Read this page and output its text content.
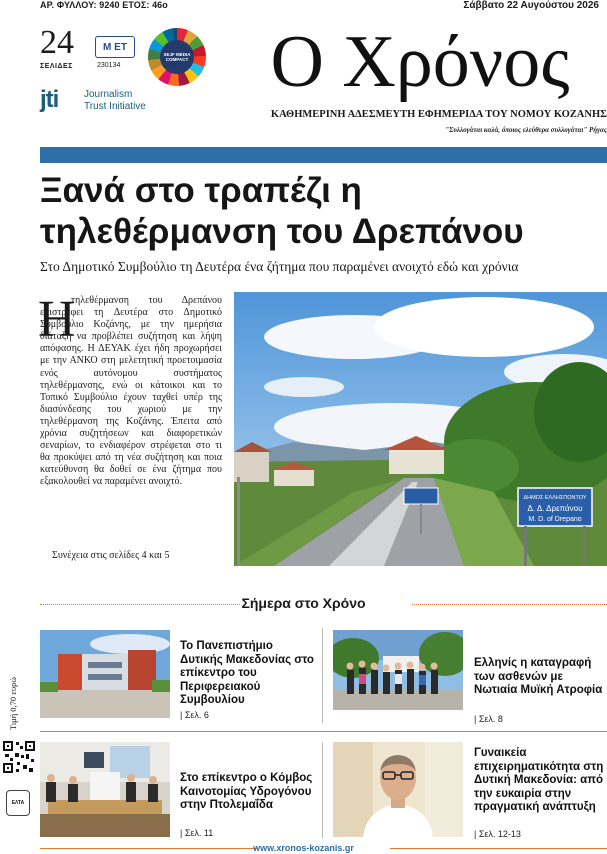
ΑΡ. ΦΥΛΛΟΥ: 9240 ΕΤΟΣ: 46ο	Σάββατο 22 Αυγούστου 2026
24
ΣΕΛΙΔΕΣ
Μ ET
230134
SEJF MEDIA COMPACT
jti	Journalism
Trust Initiative
Ο Χρόνος
ΚΑΘΗΜΕΡΙΝΗ ΑΔΕΣΜΕΥΤΗ ΕΦΗΜΕΡΙΔΑ ΤΟΥ ΝΟΜΟΥ ΚΟΖΑΝΗΣ
"Συλλογάται καλά, όποιος ελεύθερα συλλογάται" Ρήγας
Ξανά στο τραπέζι η τηλεθέρμανση του Δρεπάνου
Στο Δημοτικό Συμβούλιο τη Δευτέρα ένα ζήτημα που παραμένει ανοιχτό εδώ και χρόνια
Η
τηλεθέρμανση του Δρεπάνου επιστρέφει τη Δευτέρα στο Δημοτικό Συμβούλιο Κοζάνης, με την ημερήσια διάταξη να προβλέπει συζήτηση και λήψη απόφασης. Η ΔΕΥΑΚ έχει ήδη προχωρήσει με την ΑΝΚΟ στη μελετητική προετοιμασία ενός αυτόνομου συστήματος τηλεθέρμανσης, ενώ οι κάτοικοι και το Τοπικό Συμβούλιο έχουν ταχθεί υπέρ της διασύνδεσης του χωριού με την τηλεθέρμανση της Κοζάνης. Έπειτα από χρόνια συζητήσεων και διαφορετικών σεναρίων, το ενδιαφέρον στρέφεται στο τι θα προκύψει από τη νέα συζήτηση και ποια κατεύθυνση θα δοθεί σε ένα ζήτημα που εξακολουθεί να παραμένει ανοιχτό.
Συνέχεια στις σελίδες 4 και 5
ΔΗΜΟΣ ΕΛΛΗΣΠΟΝΤΟΥ
Δ. Δ. Δρεπάνου
M. D. of Drepano
Σήμερα στο Χρόνο
Τιμή 0,70 ευρώ
ΕΛΤΑ
Το Πανεπιστήμιο Δυτικής Μακεδονίας στο επίκεντρο του Περιφερειακού Συμβουλίου
| Σελ. 6
Ελληνίς η καταγραφή των ασθενών με Νωτιαία Μυϊκή Ατροφία
| Σελ. 8
Στο επίκεντρο ο Κόμβος Καινοτομίας Υδρογόνου στην Πτολεμαΐδα
| Σελ. 11
Γυναικεία επιχειρηματικότητα στη Δυτική Μακεδονία: από την ευκαιρία στην πραγματική ανάπτυξη
| Σελ. 12-13
www.xronos-kozanis.gr
